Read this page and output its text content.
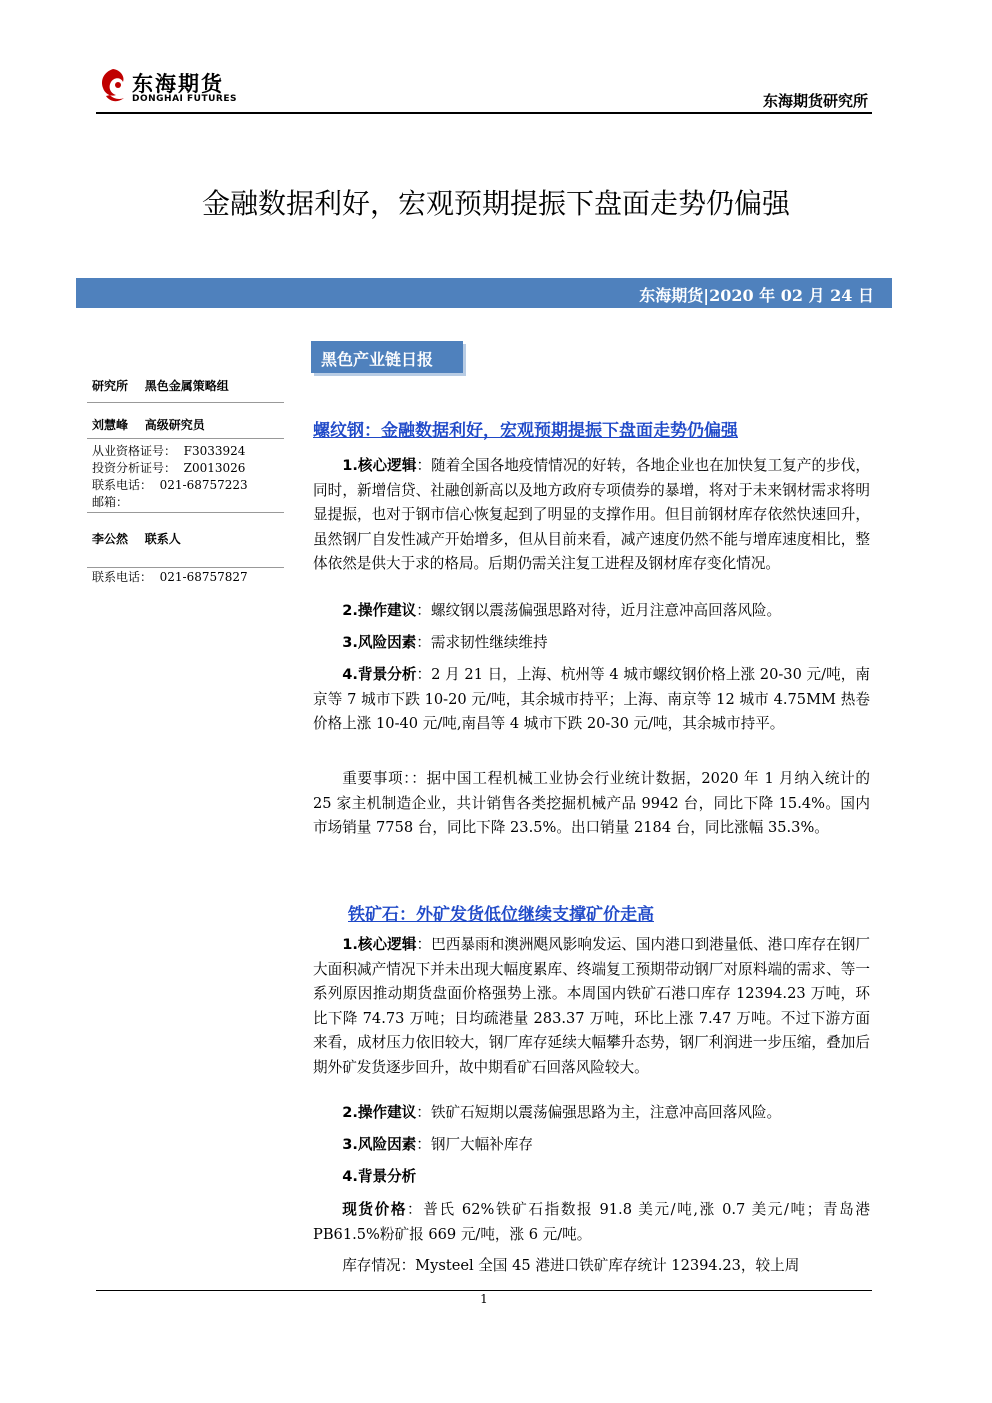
东海期货
DONGHAI FUTURES	东海期货研究所
金融数据利好，宏观预期提振下盘面走势仍偏强
东海期货|2020 年 02 月 24 日
黑色产业链日报
研究所    黑色金属策略组
刘慧峰    高级研究员
从业资格证号：  F3033924
投资分析证号：  Z0013026
联系电话：  021-68757223
邮箱：
李公然    联系人
联系电话：  021-68757827
螺纹钢：金融数据利好，宏观预期提振下盘面走势仍偏强
1.核心逻辑：随着全国各地疫情情况的好转，各地企业也在加快复工复产的步伐，同时，新增信贷、社融创新高以及地方政府专项债券的暴增，将对于未来钢材需求将明显提振，也对于钢市信心恢复起到了明显的支撑作用。但目前钢材库存依然快速回升，虽然钢厂自发性减产开始增多，但从目前来看，减产速度仍然不能与增库速度相比，整体依然是供大于求的格局。后期仍需关注复工进程及钢材库存变化情况。
2.操作建议：螺纹钢以震荡偏强思路对待，近月注意冲高回落风险。
3.风险因素：需求韧性继续维持
4.背景分析：2 月 21 日，上海、杭州等 4 城市螺纹钢价格上涨 20-30 元/吨，南京等 7 城市下跌 10-20 元/吨，其余城市持平；上海、南京等 12 城市 4.75MM 热卷价格上涨 10-40 元/吨,南昌等 4 城市下跌 20-30 元/吨，其余城市持平。
重要事项：：据中国工程机械工业协会行业统计数据，2020 年 1 月纳入统计的 25 家主机制造企业，共计销售各类挖掘机械产品 9942 台，同比下降 15.4%。国内市场销量 7758 台，同比下降 23.5%。出口销量 2184 台，同比涨幅 35.3%。
铁矿石：外矿发货低位继续支撑矿价走高
1.核心逻辑：巴西暴雨和澳洲飓风影响发运、国内港口到港量低、港口库存在钢厂大面积减产情况下并未出现大幅度累库、终端复工预期带动钢厂对原料端的需求、等一系列原因推动期货盘面价格强势上涨。本周国内铁矿石港口库存 12394.23 万吨，环比下降 74.73 万吨；日均疏港量 283.37 万吨，环比上涨 7.47 万吨。不过下游方面来看，成材压力依旧较大，钢厂库存延续大幅攀升态势，钢厂利润进一步压缩，叠加后期外矿发货逐步回升，故中期看矿石回落风险较大。
2.操作建议：铁矿石短期以震荡偏强思路为主，注意冲高回落风险。
3.风险因素：钢厂大幅补库存
4.背景分析
现货价格：普氏 62%铁矿石指数报 91.8 美元/吨,涨 0.7 美元/吨；青岛港 PB61.5%粉矿报 669 元/吨，涨 6 元/吨。
库存情况：Mysteel 全国 45 港进口铁矿库存统计 12394.23，较上周
1
